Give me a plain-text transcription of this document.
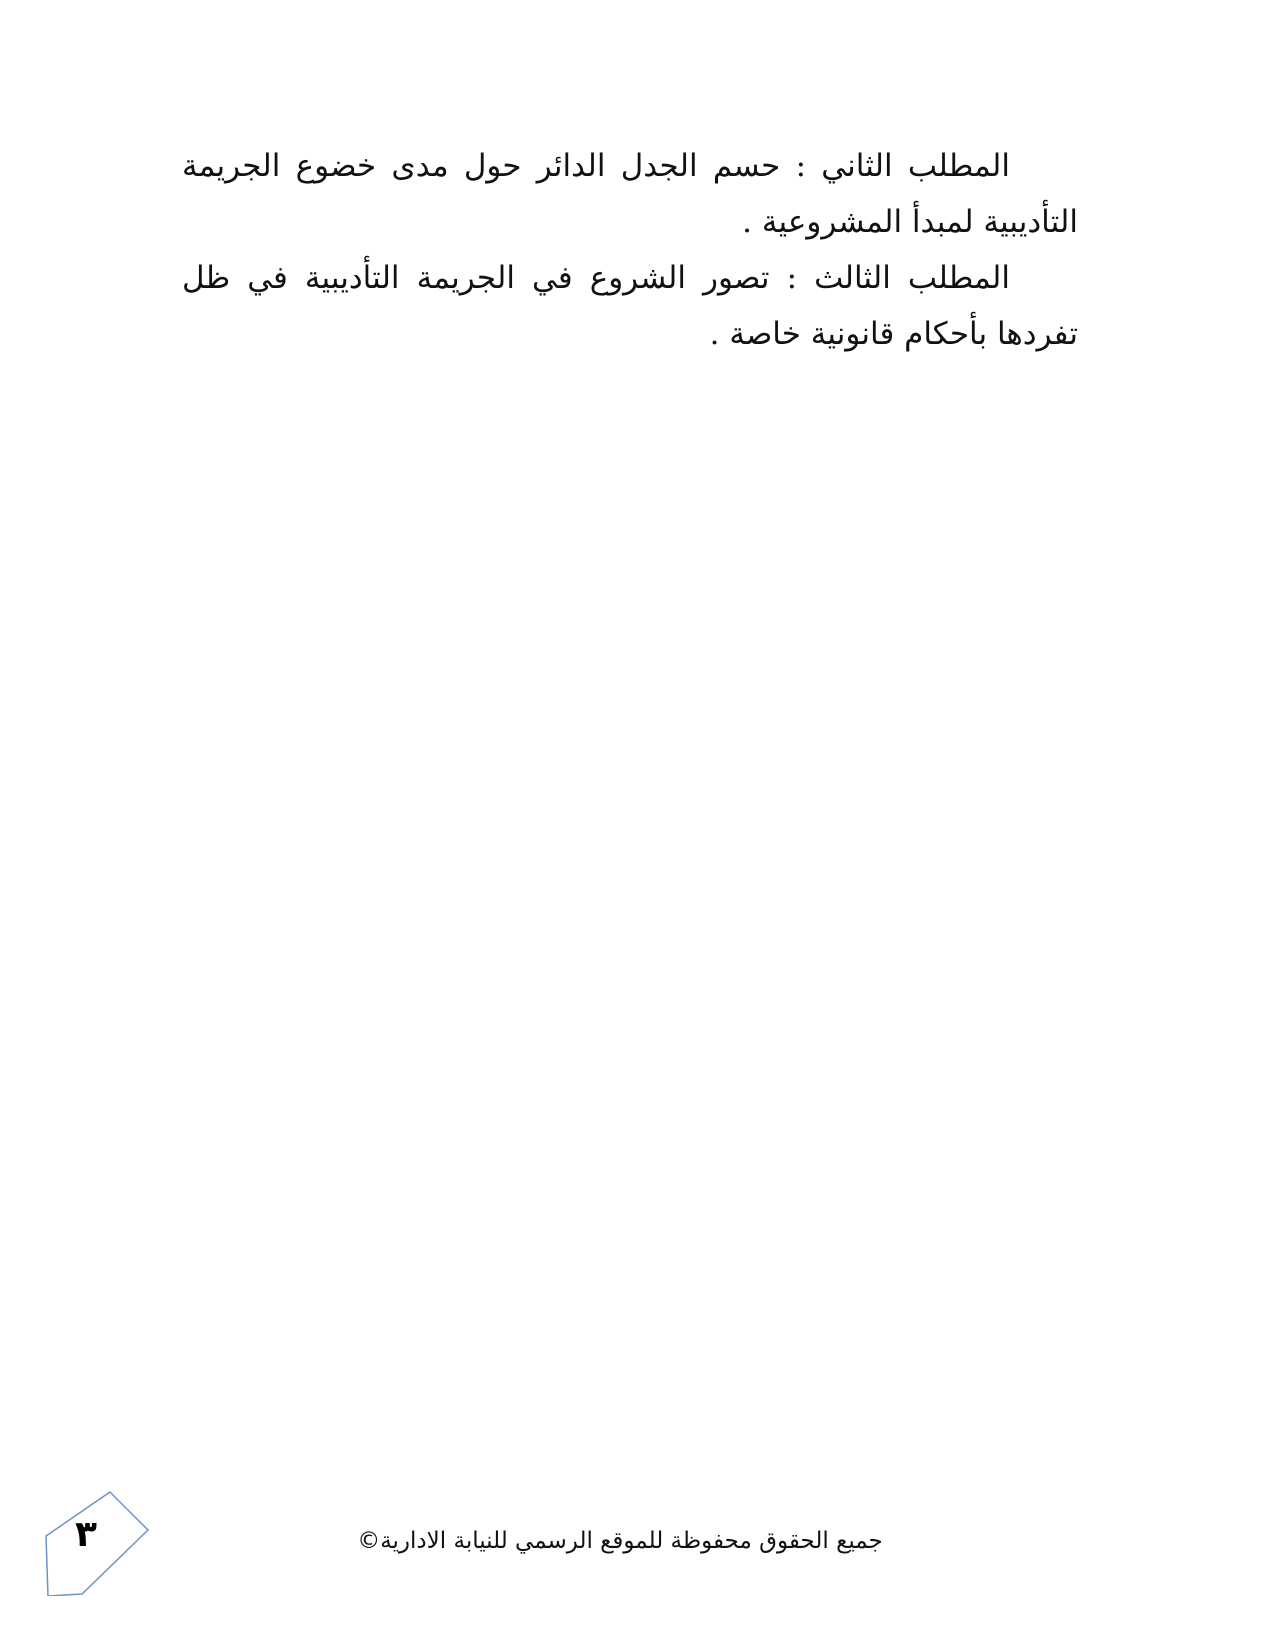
المطلب الثاني : حسم الجدل الدائر حول مدى خضوع الجريمة التأديبية لمبدأ المشروعية .

المطلب الثالث : تصور الشروع في الجريمة التأديبية في ظل تفردها بأحكام قانونية خاصة .

جميع الحقوق محفوظة للموقع الرسمي للنيابة الادارية©
٣
